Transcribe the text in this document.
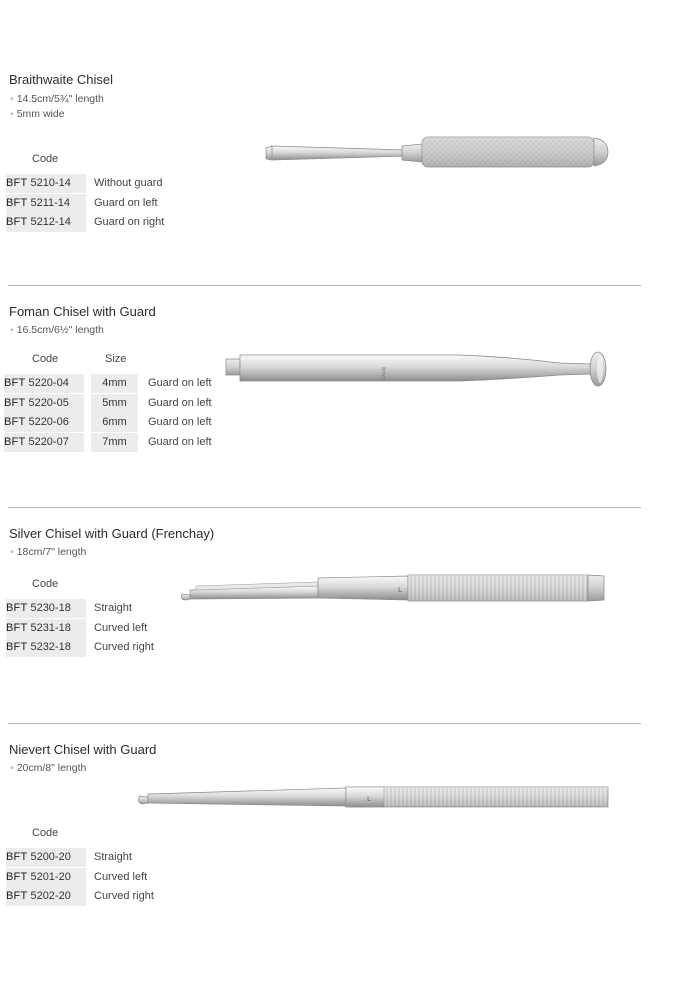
Braithwaite Chisel
• 14.5cm/5¾" length
• 5mm wide
Code
BFT 5210-14	Without guard
BFT 5211-14	Guard on left
BFT 5212-14	Guard on right
Foman Chisel with Guard
• 16.5cm/6½" length
Code	Size
BFT 5220-04	4mm	Guard on left
BFT 5220-05	5mm	Guard on left
BFT 5220-06	6mm	Guard on left
BFT 5220-07	7mm	Guard on left
6mm
Silver Chisel with Guard (Frenchay)
• 18cm/7" length
Code
BFT 5230-18	Straight
BFT 5231-18	Curved left
BFT 5232-18	Curved right
L
Nievert Chisel with Guard
• 20cm/8" length
Code
BFT 5200-20	Straight
BFT 5201-20	Curved left
BFT 5202-20	Curved right
L
